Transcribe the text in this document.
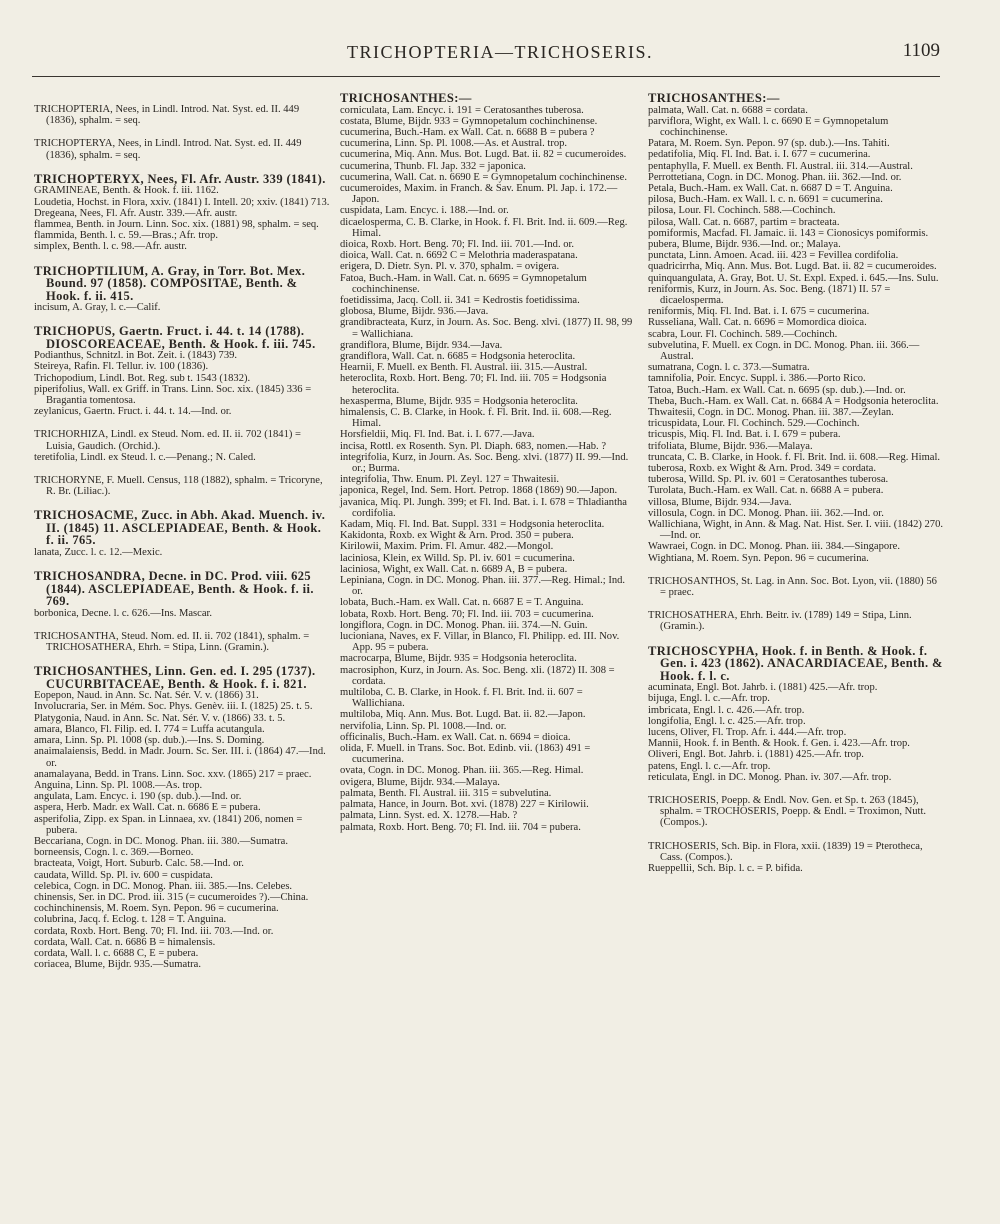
TRICHOPTERIA—TRICHOSERIS.	1109

TRICHOPTERIA, Nees, in Lindl. Introd. Nat. Syst. ed. II. 449 (1836), sphalm. = seq.

TRICHOPTERYA, Nees, in Lindl. Introd. Nat. Syst. ed. II. 449 (1836), sphalm. = seq.

TRICHOPTERYX, Nees, Fl. Afr. Austr. 339 (1841).

GRAMINEAE, Benth. & Hook. f. iii. 1162.

Loudetia, Hochst. in Flora, xxiv. (1841) I. Intell. 20; xxiv. (1841) 713.

Dregeana, Nees, Fl. Afr. Austr. 339.—Afr. austr.

flammea, Benth. in Journ. Linn. Soc. xix. (1881) 98, sphalm. = seq.

flammida, Benth. l. c. 59.—Bras.; Afr. trop.

simplex, Benth. l. c. 98.—Afr. austr.

TRICHOPTILIUM, A. Gray, in Torr. Bot. Mex. Bound. 97 (1858). COMPOSITAE, Benth. & Hook. f. ii. 415.

incisum, A. Gray, l. c.—Calif.

TRICHOPUS, Gaertn. Fruct. i. 44. t. 14 (1788). DIOSCOREACEAE, Benth. & Hook. f. iii. 745.

Podianthus, Schnitzl. in Bot. Zeit. i. (1843) 739.

Steireya, Rafin. Fl. Tellur. iv. 100 (1836).

Trichopodium, Lindl. Bot. Reg. sub t. 1543 (1832).

piperifolius, Wall. ex Griff. in Trans. Linn. Soc. xix. (1845) 336 = Bragantia tomentosa.

zeylanicus, Gaertn. Fruct. i. 44. t. 14.—Ind. or.

TRICHORHIZA, Lindl. ex Steud. Nom. ed. II. ii. 702 (1841) = Luisia, Gaudich. (Orchid.).

teretifolia, Lindl. ex Steud. l. c.—Penang.; N. Caled.

TRICHORYNE, F. Muell. Census, 118 (1882), sphalm. = Tricoryne, R. Br. (Liliac.).

TRICHOSACME, Zucc. in Abh. Akad. Muench. iv. II. (1845) 11. ASCLEPIADEAE, Benth. & Hook. f. ii. 765.

lanata, Zucc. l. c. 12.—Mexic.

TRICHOSANDRA, Decne. in DC. Prod. viii. 625 (1844). ASCLEPIADEAE, Benth. & Hook. f. ii. 769.

borbonica, Decne. l. c. 626.—Ins. Mascar.

TRICHOSANTHA, Steud. Nom. ed. II. ii. 702 (1841), sphalm. = TRICHOSATHERA, Ehrh. = Stipa, Linn. (Gramin.).

TRICHOSANTHES, Linn. Gen. ed. I. 295 (1737). CUCURBITACEAE, Benth. & Hook. f. i. 821.

Eopepon, Naud. in Ann. Sc. Nat. Sér. V. v. (1866) 31.

Involucraria, Ser. in Mém. Soc. Phys. Genèv. iii. I. (1825) 25. t. 5.

Platygonia, Naud. in Ann. Sc. Nat. Sér. V. v. (1866) 33. t. 5.

amara, Blanco, Fl. Filip. ed. I. 774 = Luffa acutangula.

amara, Linn. Sp. Pl. 1008 (sp. dub.).—Ins. S. Doming.

anaimalaiensis, Bedd. in Madr. Journ. Sc. Ser. III. i. (1864) 47.—Ind. or.

anamalayana, Bedd. in Trans. Linn. Soc. xxv. (1865) 217 = praec.

Anguina, Linn. Sp. Pl. 1008.—As. trop.

angulata, Lam. Encyc. i. 190 (sp. dub.).—Ind. or.

aspera, Herb. Madr. ex Wall. Cat. n. 6686 E = pubera.

asperifolia, Zipp. ex Span. in Linnaea, xv. (1841) 206, nomen = pubera.

Beccariana, Cogn. in DC. Monog. Phan. iii. 380.—Sumatra.

borneensis, Cogn. l. c. 369.—Borneo.

bracteata, Voigt, Hort. Suburb. Calc. 58.—Ind. or.

caudata, Willd. Sp. Pl. iv. 600 = cuspidata.

celebica, Cogn. in DC. Monog. Phan. iii. 385.—Ins. Celebes.

chinensis, Ser. in DC. Prod. iii. 315 (= cucumeroides ?).—China.

cochinchinensis, M. Roem. Syn. Pepon. 96 = cucumerina.

colubrina, Jacq. f. Eclog. t. 128 = T. Anguina.

cordata, Roxb. Hort. Beng. 70; Fl. Ind. iii. 703.—Ind. or.

cordata, Wall. Cat. n. 6686 B = himalensis.

cordata, Wall. l. c. 6688 C, E = pubera.

coriacea, Blume, Bijdr. 935.—Sumatra.

TRICHOSANTHES:—

corniculata, Lam. Encyc. i. 191 = Ceratosanthes tuberosa.

costata, Blume, Bijdr. 933 = Gymnopetalum cochinchinense.

cucumerina, Buch.-Ham. ex Wall. Cat. n. 6688 B = pubera ?

cucumerina, Linn. Sp. Pl. 1008.—As. et Austral. trop.

cucumerina, Miq. Ann. Mus. Bot. Lugd. Bat. ii. 82 = cucumeroides.

cucumerina, Thunb. Fl. Jap. 332 = japonica.

cucumerina, Wall. Cat. n. 6690 E = Gymnopetalum cochinchinense.

cucumeroides, Maxim. in Franch. & Sav. Enum. Pl. Jap. i. 172.—Japon.

cuspidata, Lam. Encyc. i. 188.—Ind. or.

dicaelosperma, C. B. Clarke, in Hook. f. Fl. Brit. Ind. ii. 609.—Reg. Himal.

dioica, Roxb. Hort. Beng. 70; Fl. Ind. iii. 701.—Ind. or.

dioica, Wall. Cat. n. 6692 C = Melothria maderaspatana.

erigera, D. Dietr. Syn. Pl. v. 370, sphalm. = ovigera.

Fatoa, Buch.-Ham. in Wall. Cat. n. 6695 = Gymnopetalum cochinchinense.

foetidissima, Jacq. Coll. ii. 341 = Kedrostis foetidissima.

globosa, Blume, Bijdr. 936.—Java.

grandibracteata, Kurz, in Journ. As. Soc. Beng. xlvi. (1877) II. 98, 99 = Wallichiana.

grandiflora, Blume, Bijdr. 934.—Java.

grandiflora, Wall. Cat. n. 6685 = Hodgsonia heteroclita.

Hearnii, F. Muell. ex Benth. Fl. Austral. iii. 315.—Austral.

heteroclita, Roxb. Hort. Beng. 70; Fl. Ind. iii. 705 = Hodgsonia heteroclita.

hexasperma, Blume, Bijdr. 935 = Hodgsonia heteroclita.

himalensis, C. B. Clarke, in Hook. f. Fl. Brit. Ind. ii. 608.—Reg. Himal.

Horsfieldii, Miq. Fl. Ind. Bat. i. I. 677.—Java.

incisa, Rottl. ex Rosenth. Syn. Pl. Diaph. 683, nomen.—Hab. ?

integrifolia, Kurz, in Journ. As. Soc. Beng. xlvi. (1877) II. 99.—Ind. or.; Burma.

integrifolia, Thw. Enum. Pl. Zeyl. 127 = Thwaitesii.

japonica, Regel, Ind. Sem. Hort. Petrop. 1868 (1869) 90.—Japon.

javanica, Miq. Pl. Jungh. 399; et Fl. Ind. Bat. i. I. 678 = Thladiantha cordifolia.

Kadam, Miq. Fl. Ind. Bat. Suppl. 331 = Hodgsonia heteroclita.

Kakidonta, Roxb. ex Wight & Arn. Prod. 350 = pubera.

Kirilowii, Maxim. Prim. Fl. Amur. 482.—Mongol.

laciniosa, Klein, ex Willd. Sp. Pl. iv. 601 = cucumerina.

laciniosa, Wight, ex Wall. Cat. n. 6689 A, B = pubera.

Lepiniana, Cogn. in DC. Monog. Phan. iii. 377.—Reg. Himal.; Ind. or.

lobata, Buch.-Ham. ex Wall. Cat. n. 6687 E = T. Anguina.

lobata, Roxb. Hort. Beng. 70; Fl. Ind. iii. 703 = cucumerina.

longiflora, Cogn. in DC. Monog. Phan. iii. 374.—N. Guin.

lucioniana, Naves, ex F. Villar, in Blanco, Fl. Philipp. ed. III. Nov. App. 95 = pubera.

macrocarpa, Blume, Bijdr. 935 = Hodgsonia heteroclita.

macrosiphon, Kurz, in Journ. As. Soc. Beng. xli. (1872) II. 308 = cordata.

multiloba, C. B. Clarke, in Hook. f. Fl. Brit. Ind. ii. 607 = Wallichiana.

multiloba, Miq. Ann. Mus. Bot. Lugd. Bat. ii. 82.—Japon.

nervifolia, Linn. Sp. Pl. 1008.—Ind. or.

officinalis, Buch.-Ham. ex Wall. Cat. n. 6694 = dioica.

olida, F. Muell. in Trans. Soc. Bot. Edinb. vii. (1863) 491 = cucumerina.

ovata, Cogn. in DC. Monog. Phan. iii. 365.—Reg. Himal.

ovigera, Blume, Bijdr. 934.—Malaya.

palmata, Benth. Fl. Austral. iii. 315 = subvelutina.

palmata, Hance, in Journ. Bot. xvi. (1878) 227 = Kirilowii.

palmata, Linn. Syst. ed. X. 1278.—Hab. ?

palmata, Roxb. Hort. Beng. 70; Fl. Ind. iii. 704 = pubera.

TRICHOSANTHES:—

palmata, Wall. Cat. n. 6688 = cordata.

parviflora, Wight, ex Wall. l. c. 6690 E = Gymnopetalum cochinchinense.

Patara, M. Roem. Syn. Pepon. 97 (sp. dub.).—Ins. Tahiti.

pedatifolia, Miq. Fl. Ind. Bat. i. I. 677 = cucumerina.

pentaphylla, F. Muell. ex Benth. Fl. Austral. iii. 314.—Austral.

Perrottetiana, Cogn. in DC. Monog. Phan. iii. 362.—Ind. or.

Petala, Buch.-Ham. ex Wall. Cat. n. 6687 D = T. Anguina.

pilosa, Buch.-Ham. ex Wall. l. c. n. 6691 = cucumerina.

pilosa, Lour. Fl. Cochinch. 588.—Cochinch.

pilosa, Wall. Cat. n. 6687, partim = bracteata.

pomiformis, Macfad. Fl. Jamaic. ii. 143 = Cionosicys pomiformis.

pubera, Blume, Bijdr. 936.—Ind. or.; Malaya.

punctata, Linn. Amoen. Acad. iii. 423 = Fevillea cordifolia.

quadricirrha, Miq. Ann. Mus. Bot. Lugd. Bat. ii. 82 = cucumeroides.

quinquangulata, A. Gray, Bot. U. St. Expl. Exped. i. 645.—Ins. Sulu.

reniformis, Kurz, in Journ. As. Soc. Beng. (1871) II. 57 = dicaelosperma.

reniformis, Miq. Fl. Ind. Bat. i. I. 675 = cucumerina.

Russeliana, Wall. Cat. n. 6696 = Momordica dioica.

scabra, Lour. Fl. Cochinch. 589.—Cochinch.

subvelutina, F. Muell. ex Cogn. in DC. Monog. Phan. iii. 366.—Austral.

sumatrana, Cogn. l. c. 373.—Sumatra.

tamnifolia, Poir. Encyc. Suppl. i. 386.—Porto Rico.

Tatoa, Buch.-Ham. ex Wall. Cat. n. 6695 (sp. dub.).—Ind. or.

Theba, Buch.-Ham. ex Wall. Cat. n. 6684 A = Hodgsonia heteroclita.

Thwaitesii, Cogn. in DC. Monog. Phan. iii. 387.—Zeylan.

tricuspidata, Lour. Fl. Cochinch. 529.—Cochinch.

tricuspis, Miq. Fl. Ind. Bat. i. I. 679 = pubera.

trifoliata, Blume, Bijdr. 936.—Malaya.

truncata, C. B. Clarke, in Hook. f. Fl. Brit. Ind. ii. 608.—Reg. Himal.

tuberosa, Roxb. ex Wight & Arn. Prod. 349 = cordata.

tuberosa, Willd. Sp. Pl. iv. 601 = Ceratosanthes tuberosa.

Turolata, Buch.-Ham. ex Wall. Cat. n. 6688 A = pubera.

villosa, Blume, Bijdr. 934.—Java.

villosula, Cogn. in DC. Monog. Phan. iii. 362.—Ind. or.

Wallichiana, Wight, in Ann. & Mag. Nat. Hist. Ser. I. viii. (1842) 270.—Ind. or.

Wawraei, Cogn. in DC. Monog. Phan. iii. 384.—Singapore.

Wightiana, M. Roem. Syn. Pepon. 96 = cucumerina.

TRICHOSANTHOS, St. Lag. in Ann. Soc. Bot. Lyon, vii. (1880) 56 = praec.

TRICHOSATHERA, Ehrh. Beitr. iv. (1789) 149 = Stipa, Linn. (Gramin.).

TRICHOSCYPHA, Hook. f. in Benth. & Hook. f. Gen. i. 423 (1862). ANACARDIACEAE, Benth. & Hook. f. l. c.

acuminata, Engl. Bot. Jahrb. i. (1881) 425.—Afr. trop.

bijuga, Engl. l. c.—Afr. trop.

imbricata, Engl. l. c. 426.—Afr. trop.

longifolia, Engl. l. c. 425.—Afr. trop.

lucens, Oliver, Fl. Trop. Afr. i. 444.—Afr. trop.

Mannii, Hook. f. in Benth. & Hook. f. Gen. i. 423.—Afr. trop.

Oliveri, Engl. Bot. Jahrb. i. (1881) 425.—Afr. trop.

patens, Engl. l. c.—Afr. trop.

reticulata, Engl. in DC. Monog. Phan. iv. 307.—Afr. trop.

TRICHOSERIS, Poepp. & Endl. Nov. Gen. et Sp. t. 263 (1845), sphalm. = TROCHOSERIS, Poepp. & Endl. = Troximon, Nutt. (Compos.).

TRICHOSERIS, Sch. Bip. in Flora, xxii. (1839) 19 = Pterotheca, Cass. (Compos.).

Rueppellii, Sch. Bip. l. c. = P. bifida.
